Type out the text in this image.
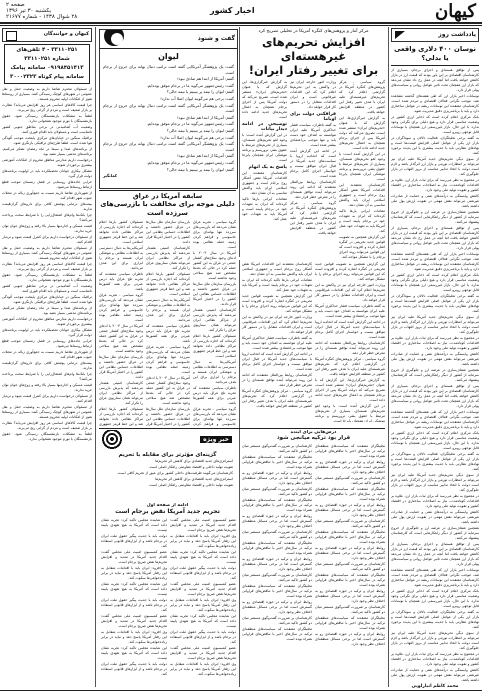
کیهان
اخبار کشور
صفحه ۲
یکشنبه ۳۰ تیر ۱۳۹۶
۲۸ شوال ۱۴۳۸ - شماره ۲۱۶۷۷
یادداشت روز
نوسان ۴۰۰ دلاری واقعی یا بدلی؟

پس از توافق هسته‌ای و اجرای برجام، بسیاری از کارشناسان اقتصادی بر این باور بودند که قیمت ارز در بازار کاهش خواهد یافت اما آنچه در عمل رخ داد نشان می‌دهد که بازار ارز همچنان تحت تاثیر عوامل روانی و سیاست‌های پولی قرار دارد.

نوسانات اخیر بازار ارز که طی هفته‌های گذشته مشاهده شد، موجب نگرانی فعالان اقتصادی و مردم شده است. کارشناسان معتقدند این نوسانات ریشه در عوامل ساختاری دارد و باید با برنامه‌ریزی دقیق مدیریت شود.

بانک مرکزی اعلام کرده است که ذخایر ارزی کشور در وضعیت مناسبی قرار دارد و هیچ دلیلی برای نگرانی وجود ندارد. با این حال، بازار غیررسمی ارز همچنان با نوسانات قابل توجهی روبرو است.

به گفته برخی تحلیلگران، فعالیت دلالان و سوداگران در بازار ارز یکی از عوامل اصلی افزایش قیمت‌ها است و نهادهای نظارتی باید با جدیت بیشتری با این پدیده برخورد کنند.

از سوی دیگر، تحریم‌های جدید آمریکا علیه ایران نیز می‌تواند بر انتظارات تورمی و بازار ارز اثرگذار باشد و لازم است دولت با اتخاذ تدابیر مناسب از بروز التهاب در بازار جلوگیری کند.

در مجموع به نظر می‌رسد که برای ثبات بازار ارز، علاوه بر اقدامات کوتاه‌مدت، نیاز به اصلاحات ساختاری در اقتصاد کشور و تقویت تولید ملی وجود دارد.

کاهش وابستگی به درآمدهای نفتی و حمایت از صادرات غیرنفتی می‌تواند نقش مهمی در تقویت ارزش پول ملی داشته باشد.

همچنین شفاف‌سازی در عرضه ارز و جلوگیری از خروج سرمایه از کشور از دیگر راهکارهایی است که کارشناسان پیشنهاد می‌کنند.

پس از توافق هسته‌ای و اجرای برجام، بسیاری از کارشناسان اقتصادی بر این باور بودند که قیمت ارز در بازار کاهش خواهد یافت اما آنچه در عمل رخ داد نشان می‌دهد که بازار ارز همچنان تحت تاثیر عوامل روانی و سیاست‌های پولی قرار دارد.

نوسانات اخیر بازار ارز که طی هفته‌های گذشته مشاهده شد، موجب نگرانی فعالان اقتصادی و مردم شده است. کارشناسان معتقدند این نوسانات ریشه در عوامل ساختاری دارد و باید با برنامه‌ریزی دقیق مدیریت شود.

بانک مرکزی اعلام کرده است که ذخایر ارزی کشور در وضعیت مناسبی قرار دارد و هیچ دلیلی برای نگرانی وجود ندارد. با این حال، بازار غیررسمی ارز همچنان با نوسانات قابل توجهی روبرو است.

به گفته برخی تحلیلگران، فعالیت دلالان و سوداگران در بازار ارز یکی از عوامل اصلی افزایش قیمت‌ها است و نهادهای نظارتی باید با جدیت بیشتری با این پدیده برخورد کنند.

از سوی دیگر، تحریم‌های جدید آمریکا علیه ایران نیز می‌تواند بر انتظارات تورمی و بازار ارز اثرگذار باشد و لازم است دولت با اتخاذ تدابیر مناسب از بروز التهاب در بازار جلوگیری کند.

در مجموع به نظر می‌رسد که برای ثبات بازار ارز، علاوه بر اقدامات کوتاه‌مدت، نیاز به اصلاحات ساختاری در اقتصاد کشور و تقویت تولید ملی وجود دارد.

کاهش وابستگی به درآمدهای نفتی و حمایت از صادرات غیرنفتی می‌تواند نقش مهمی در تقویت ارزش پول ملی داشته باشد.

همچنین شفاف‌سازی در عرضه ارز و جلوگیری از خروج سرمایه از کشور از دیگر راهکارهایی است که کارشناسان پیشنهاد می‌کنند.

پس از توافق هسته‌ای و اجرای برجام، بسیاری از کارشناسان اقتصادی بر این باور بودند که قیمت ارز در بازار کاهش خواهد یافت اما آنچه در عمل رخ داد نشان می‌دهد که بازار ارز همچنان تحت تاثیر عوامل روانی و سیاست‌های پولی قرار دارد.

نوسانات اخیر بازار ارز که طی هفته‌های گذشته مشاهده شد، موجب نگرانی فعالان اقتصادی و مردم شده است. کارشناسان معتقدند این نوسانات ریشه در عوامل ساختاری دارد و باید با برنامه‌ریزی دقیق مدیریت شود.

بانک مرکزی اعلام کرده است که ذخایر ارزی کشور در وضعیت مناسبی قرار دارد و هیچ دلیلی برای نگرانی وجود ندارد. با این حال، بازار غیررسمی ارز همچنان با نوسانات قابل توجهی روبرو است.

به گفته برخی تحلیلگران، فعالیت دلالان و سوداگران در بازار ارز یکی از عوامل اصلی افزایش قیمت‌ها است و نهادهای نظارتی باید با جدیت بیشتری با این پدیده برخورد کنند.

از سوی دیگر، تحریم‌های جدید آمریکا علیه ایران نیز می‌تواند بر انتظارات تورمی و بازار ارز اثرگذار باشد و لازم است دولت با اتخاذ تدابیر مناسب از بروز التهاب در بازار جلوگیری کند.

در مجموع به نظر می‌رسد که برای ثبات بازار ارز، علاوه بر اقدامات کوتاه‌مدت، نیاز به اصلاحات ساختاری در اقتصاد کشور و تقویت تولید ملی وجود دارد.

کاهش وابستگی به درآمدهای نفتی و حمایت از صادرات غیرنفتی می‌تواند نقش مهمی در تقویت ارزش پول ملی داشته باشد.

همچنین شفاف‌سازی در عرضه ارز و جلوگیری از خروج سرمایه از کشور از دیگر راهکارهایی است که کارشناسان پیشنهاد می‌کنند.

پس از توافق هسته‌ای و اجرای برجام، بسیاری از کارشناسان اقتصادی بر این باور بودند که قیمت ارز در بازار کاهش خواهد یافت اما آنچه در عمل رخ داد نشان می‌دهد که بازار ارز همچنان تحت تاثیر عوامل روانی و سیاست‌های پولی قرار دارد.

نوسانات اخیر بازار ارز که طی هفته‌های گذشته مشاهده شد، موجب نگرانی فعالان اقتصادی و مردم شده است. کارشناسان معتقدند این نوسانات ریشه در عوامل ساختاری دارد و باید با برنامه‌ریزی دقیق مدیریت شود.

بانک مرکزی اعلام کرده است که ذخایر ارزی کشور در وضعیت مناسبی قرار دارد و هیچ دلیلی برای نگرانی وجود ندارد. با این حال، بازار غیررسمی ارز همچنان با نوسانات قابل توجهی روبرو است.

به گفته برخی تحلیلگران، فعالیت دلالان و سوداگران در بازار ارز یکی از عوامل اصلی افزایش قیمت‌ها است و نهادهای نظارتی باید با جدیت بیشتری با این پدیده برخورد کنند.

از سوی دیگر، تحریم‌های جدید آمریکا علیه ایران نیز می‌تواند بر انتظارات تورمی و بازار ارز اثرگذار باشد و لازم است دولت با اتخاذ تدابیر مناسب از بروز التهاب در بازار جلوگیری کند.

در مجموع به نظر می‌رسد که برای ثبات بازار ارز، علاوه بر اقدامات کوتاه‌مدت، نیاز به اصلاحات ساختاری در اقتصاد کشور و تقویت تولید ملی وجود دارد.

کاهش وابستگی به درآمدهای نفتی و حمایت از صادرات غیرنفتی می‌تواند نقش مهمی در تقویت ارزش پول ملی داشته باشد.

محمد کاظم انبارلویی
مرکز آمار و پژوهش‌های کنگره آمریکا در تحلیلی تصریح کرد
افزایش تحریم‌های غیرهسته‌ای
برای تغییر رفتار ایران!

گروه سیاسی - مرکز پژوهش‌های کنگره آمریکا در گزارشی اعلام کرد که تحریم‌های غیرهسته‌ای علیه ایران با هدف تغییر رفتار این کشور در منطقه افزایش خواهد یافت.

به گزارش خبرگزاری‌ها، این گزارش که با عنوان «تحریم‌های ایران» منتشر شده است، تصریح می‌کند که دولت آمریکا پس از اجرای برجام همچنان به اعمال تحریم‌های جدید ادامه داده است.

در این گزارش آمده است: با وجود لغو تحریم‌های هسته‌ای، بسیاری از تحریم‌های مرتبط با حقوق بشر، تروریسم و برنامه موشکی ایران همچنان پابرجا است.

کارشناسان معتقدند این اقدامات آمریکا نقض آشکار روح برجام است و جمهوری اسلامی ایران باید واکنش مناسبی به آن نشان دهد.

مقامات ایرانی بارها تاکید کرده‌اند که ایران به تعهدات خود در برجام پایبند است و آمریکا باید به تعهدات خود عمل کند.

این گزارش همچنین به تصویب قوانین جدید تحریمی در کنگره اشاره کرده و افزوده است که این قوانین می‌تواند روند اجرای برجام را با مشکل مواجه کند.

وزارت امور خارجه ایران نیز در واکنش به این تحریم‌ها اعلام کرد که این اقدامات غیرقانونی است و ایران اقدامات متقابل را در دستور کار قرار خواهد داد.

فرافکنی دولت برای اوباما

به گفته ناظران، سیاست فشار حداکثری آمریکا علیه ایران نتوانسته به اهداف خود دست یابد و تنها موجب بی‌اعتمادی بیشتر شده است.

در ادامه این گزارش آمده است که اتحادیه اروپا با سیاست‌های جدید آمریکا در قبال ایران موافق نیست و خواستار اجرای کامل برجام شده است.

کارشناسان روابط بین‌الملل معتقدند که ادامه این روند می‌تواند آینده توافق هسته‌ای را در معرض خطر قرار دهد.

گروه سیاسی - مرکز پژوهش‌های کنگره آمریکا در گزارشی اعلام کرد که تحریم‌های غیرهسته‌ای علیه ایران با هدف تغییر رفتار این کشور در منطقه افزایش خواهد یافت.

به گزارش خبرگزاری‌ها، این گزارش که با عنوان «تحریم‌های ایران» منتشر شده است، تصریح می‌کند که دولت آمریکا پس از اجرای برجام همچنان به اعمال تحریم‌های جدید ادامه داده است.

توضیحی در ادامه دیدار بیانات

در این گزارش آمده است: با وجود لغو تحریم‌های هسته‌ای، بسیاری از تحریم‌های مرتبط با حقوق بشر، تروریسم و برنامه موشکی ایران همچنان پابرجا است.

پاسخ به یک اتهام

کارشناسان معتقدند این اقدامات آمریکا نقض آشکار روح برجام است و جمهوری اسلامی ایران باید واکنش مناسبی به آن نشان دهد.

مقامات ایرانی بارها تاکید کرده‌اند که ایران به تعهدات خود در برجام پایبند است و آمریکا باید به تعهدات خود عمل کند.

گفت و شنود
لیوان

گفت: یک پژوهشگر آمریکایی گفته است ترامپ دنبال بهانه برای خروج از برجام است.

گفتم: آمریکا از ابتدا هم صادق نبود!

گفت: رئیس‌جمهور می‌گوید ما در برجام موفق بوده‌ایم.

گفتم: لیوان را نیمه پر ببینیم یا نیمه خالی؟

گفت: برخی هم می‌گویند لیوان اصلا آب ندارد!

گفت: یک پژوهشگر آمریکایی گفته است ترامپ دنبال بهانه برای خروج از برجام است.

گفتم: آمریکا از ابتدا هم صادق نبود!

گفت: رئیس‌جمهور می‌گوید ما در برجام موفق بوده‌ایم.

گفتم: لیوان را نیمه پر ببینیم یا نیمه خالی؟

گفت: برخی هم می‌گویند لیوان اصلا آب ندارد!

گفت: یک پژوهشگر آمریکایی گفته است ترامپ دنبال بهانه برای خروج از برجام است.

گفتم: آمریکا از ابتدا هم صادق نبود!

گفت: رئیس‌جمهور می‌گوید ما در برجام موفق بوده‌ایم.

گفتم: لیوان را نیمه پر ببینیم یا نیمه خالی؟

کمانگیر
سابقه آمریکا در عراق
دلیلی موجه برای مخالفت با بازرسی‌های سرزده است

گروه سیاسی - تجربه عراق نشان می‌دهد که بازرسی‌های سرزده تنها بهانه‌ای برای جاسوسی و فراهم کردن زمینه حمله نظامی بوده است.

آمریکا در سال ۲۰۰۳ با ادعای وجود سلاح‌های کشتار جمعی در عراق به این کشور حمله کرد در حالی که بعدها مشخص شد هیچ سلاحی وجود نداشته است.

بازرسان سازمان ملل سال‌ها در عراق حضور داشتند و اطلاعات حساس نظامی این کشور را در اختیار آمریکا قرار دادند.

کارشناسان امنیتی هشدار می‌دهند که پذیرش بازرسی از مراکز نظامی ایران می‌تواند همان سناریوی عراق را تکرار کند.

مسئولان کشور بارها اعلام کرده‌اند که اجازه بازرسی از مراکز نظامی داده نخواهد شد و این خط قرمز جمهوری اسلامی است.

آمریکایی‌ها به دنبال دسترسی به اطلاعات نظامی و موشکی ایران هستند و برجام را ابزاری برای این هدف می‌دانند.

ناظران سیاسی معتقدند که تجربه تلخ عراق باید درس عبرتی برای همه کشورها باشد.

گروه سیاسی - تجربه عراق نشان می‌دهد که بازرسی‌های سرزده تنها بهانه‌ای برای جاسوسی و فراهم کردن

بازرسان سازمان ملل سال‌ها در عراق حضور داشتند و اطلاعات حساس نظامی این کشور را در اختیار آمریکا قرار دادند.

کارشناسان امنیتی هشدار می‌دهند که پذیرش بازرسی از مراکز نظامی ایران می‌تواند همان سناریوی عراق را تکرار کند.

مسئولان کشور بارها اعلام کرده‌اند که اجازه بازرسی از مراکز نظامی داده نخواهد شد و این خط قرمز جمهوری اسلامی است.

آمریکایی‌ها به دنبال دسترسی به اطلاعات نظامی و موشکی ایران هستند و برجام را ابزاری برای این هدف می‌دانند.

ناظران سیاسی معتقدند که تجربه تلخ عراق باید درس عبرتی برای همه کشورها باشد.

گروه سیاسی - تجربه عراق نشان می‌دهد که بازرسی‌های سرزده تنها بهانه‌ای برای جاسوسی و فراهم کردن زمینه حمله نظامی بوده است.

آمریکا در سال ۲۰۰۳ با ادعای وجود سلاح‌های کشتار جمعی در عراق به این کشور حمله کرد در حالی که بعدها مشخص شد هیچ سلاحی وجود نداشته است.

بازرسان سازمان ملل سال‌ها در عراق حضور داشتند و اطلاعات حساس نظامی این کشور را در اختیار آمریکا قرار

مسئولان کشور بارها اعلام کرده‌اند که اجازه بازرسی از مراکز نظامی داده نخواهد شد و این خط قرمز جمهوری اسلامی است.

آمریکایی‌ها به دنبال دسترسی به اطلاعات نظامی و موشکی ایران هستند و برجام را ابزاری برای این هدف می‌دانند.

ناظران سیاسی معتقدند که تجربه تلخ عراق باید درس عبرتی برای همه کشورها باشد.

گروه سیاسی - تجربه عراق نشان می‌دهد که بازرسی‌های سرزده تنها بهانه‌ای برای جاسوسی و فراهم کردن زمینه حمله نظامی بوده است.

آمریکا در سال ۲۰۰۳ با ادعای وجود سلاح‌های کشتار جمعی در عراق به این کشور حمله کرد در حالی که بعدها مشخص شد هیچ سلاحی وجود نداشته است.

بازرسان سازمان ملل سال‌ها در عراق حضور داشتند و اطلاعات حساس نظامی این کشور را در اختیار آمریکا قرار دادند.

کارشناسان امنیتی هشدار می‌دهند که پذیرش بازرسی از مراکز نظامی ایران می‌تواند همان سناریوی عراق را تکرار کند.

مسئولان کشور بارها اعلام کرده‌اند که اجازه بازرسی از مراکز نظامی داده نخواهد شد و این خط قرمز جمهوری

این گزارش همچنین به تصویب قوانین جدید تحریمی در کنگره اشاره کرده و افزوده است که این قوانین می‌تواند روند اجرای برجام را با مشکل مواجه کند.

وزارت امور خارجه ایران نیز در واکنش به این تحریم‌ها اعلام کرد که این اقدامات غیرقانونی است و ایران اقدامات متقابل را در دستور کار قرار خواهد داد.

به گفته ناظران، سیاست فشار حداکثری آمریکا علیه ایران نتوانسته به اهداف خود دست یابد و تنها موجب بی‌اعتمادی بیشتر شده است.

در ادامه این گزارش آمده است که اتحادیه اروپا با سیاست‌های جدید آمریکا در قبال ایران موافق نیست و خواستار اجرای کامل برجام شده است.

کارشناسان روابط بین‌الملل معتقدند که ادامه این روند می‌تواند آینده توافق هسته‌ای را در معرض خطر قرار دهد.

گروه سیاسی - مرکز پژوهش‌های کنگره آمریکا در گزارشی اعلام کرد که تحریم‌های غیرهسته‌ای علیه ایران با هدف تغییر رفتار این کشور در منطقه افزایش خواهد یافت.

به گزارش خبرگزاری‌ها، این گزارش که با عنوان «تحریم‌های ایران» منتشر شده است، تصریح می‌کند که دولت آمریکا پس از اجرای برجام همچنان به اعمال تحریم‌های جدید ادامه داده است.

در این گزارش آمده است: با وجود لغو تحریم‌های هسته‌ای، بسیاری از تحریم‌های مرتبط با حقوق بشر، تروریسم و برنامه موشکی ایران همچنان پابرجا است.

کارشناسان معتقدند این اقدامات آمریکا نقض آشکار روح برجام است و جمهوری اسلامی ایران باید واکنش مناسبی به آن نشان دهد.

مقامات ایرانی بارها تاکید کرده‌اند که ایران به تعهدات خود در برجام پایبند است و آمریکا باید به تعهدات خود عمل کند.

این گزارش همچنین به تصویب قوانین جدید تحریمی در کنگره اشاره کرده و افزوده است که این قوانین می‌تواند روند اجرای برجام را با مشکل مواجه کند.

وزارت امور خارجه ایران نیز در واکنش به این تحریم‌ها اعلام کرد که این اقدامات غیرقانونی است و ایران اقدامات متقابل را در دستور کار قرار خواهد داد.

به گفته ناظران، سیاست فشار حداکثری آمریکا علیه ایران نتوانسته به اهداف خود دست یابد و تنها موجب بی‌اعتمادی بیشتر شده است.

در ادامه این گزارش آمده است که اتحادیه اروپا با سیاست‌های جدید آمریکا در قبال ایران موافق نیست و خواستار اجرای کامل برجام شده است.

کارشناسان روابط بین‌الملل معتقدند که ادامه این روند می‌تواند آینده توافق هسته‌ای را در معرض خطر قرار دهد.

گروه سیاسی - مرکز پژوهش‌های کنگره آمریکا در گزارشی اعلام کرد که تحریم‌های غیرهسته‌ای علیه ایران با هدف تغییر رفتار این کشور در منطقه افزایش خواهد یافت.

خبر ویژه
گزینه‌ای مؤثرتر برای مقابله با تحریم

استراتژی‌های جدید اقتصادی برای کاهش اثر تحریم‌ها

تقویت تولید داخلی و اقتصاد مقاومتی راهکار اصلی است.

کارشناسان می‌گویند ظرفیت‌های داخلی کشور برای عبور از تحریم کافی است.

استراتژی‌های جدید اقتصادی برای کاهش اثر تحریم‌ها

تقویت تولید داخلی و اقتصاد مقاومتی راهکار اصلی است.

ادامه از صفحه اول
تحریم جدید آمریکا نقض برجام است

عضو کمیسیون امنیت ملی مجلس گفت: اقدام جدید آمریکا در تمدید و افزایش تحریم‌ها نقض صریح برجام است.

وی افزود: ایران باید با اقدامات متقابل به این رفتار آمریکا پاسخ دهد و نباید در برابر زیاده‌خواهی‌ها سکوت کند.

این نماینده مجلس تاکید کرد: تجربه نشان داده است که آمریکا به هیچ تعهدی پایبند نیست.

دولت باید با جدیت پیگیر حقوق ملت ایران در برجام باشد و از ابزارهای قانونی استفاده کند.

عضو کمیسیون امنیت ملی مجلس گفت: اقدام جدید آمریکا در تمدید و افزایش تحریم‌ها نقض صریح برجام است.

وی افزود: ایران باید با اقدامات متقابل به این رفتار آمریکا پاسخ دهد و نباید در برابر زیاده‌خواهی‌ها سکوت کند.

این نماینده مجلس تاکید کرد: تجربه نشان داده است که آمریکا به هیچ تعهدی پایبند نیست.

دولت باید با جدیت پیگیر حقوق ملت ایران در برجام باشد و از ابزارهای قانونی استفاده کند.

عضو کمیسیون امنیت ملی مجلس گفت: اقدام جدید آمریکا در تمدید و افزایش تحریم‌ها نقض صریح برجام است.

وی افزود: ایران باید با اقدامات متقابل به این رفتار آمریکا پاسخ دهد و نباید در برابر زیاده‌خواهی‌ها سکوت کند.

این نماینده مجلس تاکید کرد: تجربه نشان داده است که آمریکا به هیچ تعهدی پایبند نیست.

دولت باید با جدیت پیگیر حقوق ملت ایران در برجام باشد و از ابزارهای قانونی استفاده کند.

عضو کمیسیون امنیت ملی مجلس گفت: اقدام جدید آمریکا در تمدید و افزایش تحریم‌ها نقض صریح برجام است.

وی افزود: ایران باید با اقدامات متقابل به این رفتار آمریکا پاسخ دهد و نباید در برابر زیاده‌خواهی‌ها سکوت کند.

این نماینده مجلس تاکید کرد: تجربه نشان داده است که آمریکا به هیچ تعهدی پایبند نیست.

دولت باید با جدیت پیگیر حقوق ملت ایران در برجام باشد و از ابزارهای قانونی استفاده کند.

عضو کمیسیون امنیت ملی مجلس گفت: اقدام جدید آمریکا در تمدید و افزایش تحریم‌ها نقض صریح برجام است.

وی افزود: ایران باید با اقدامات متقابل به این رفتار آمریکا پاسخ دهد و نباید در برابر زیاده‌خواهی‌ها سکوت کند.

این نماینده مجلس تاکید کرد: تجربه نشان داده است که آمریکا به هیچ تعهدی پایبند نیست.

دولت باید با جدیت پیگیر حقوق ملت ایران در برجام باشد و از ابزارهای قانونی استفاده کند.

درس‌هایی برای آینده
قرار بود ترکیه میانجی شود

تحلیلگران معتقدند که سیاست‌های منطقه‌ای ترکیه در سال‌های اخیر با تناقض‌های فراوانی همراه بوده است.

روابط ایران و ترکیه در حوزه اقتصادی رو به گسترش است اما در برخی مسائل منطقه‌ای اختلاف نظر وجود دارد.

کارشناسان بر ضرورت گفت‌وگوی مستمر میان دو کشور تاکید می‌کنند.

تحلیلگران معتقدند که سیاست‌های منطقه‌ای ترکیه در سال‌های اخیر با تناقض‌های فراوانی همراه بوده است.

روابط ایران و ترکیه در حوزه اقتصادی رو به گسترش است اما در برخی مسائل منطقه‌ای اختلاف نظر وجود دارد.

کارشناسان بر ضرورت گفت‌وگوی مستمر میان دو کشور تاکید می‌کنند.

تحلیلگران معتقدند که سیاست‌های منطقه‌ای ترکیه در سال‌های اخیر با تناقض‌های فراوانی همراه بوده است.

روابط ایران و ترکیه در حوزه اقتصادی رو به گسترش است اما در برخی مسائل منطقه‌ای اختلاف نظر وجود دارد.

کارشناسان بر ضرورت گفت‌وگوی مستمر میان دو کشور تاکید می‌کنند.

تحلیلگران معتقدند که سیاست‌های منطقه‌ای ترکیه در سال‌های اخیر با تناقض‌های فراوانی همراه بوده است.

روابط ایران و ترکیه در حوزه اقتصادی رو به گسترش است اما در برخی مسائل منطقه‌ای اختلاف نظر وجود دارد.

کارشناسان بر ضرورت گفت‌وگوی مستمر میان دو کشور تاکید می‌کنند.

تحلیلگران معتقدند که سیاست‌های منطقه‌ای ترکیه در سال‌های اخیر با تناقض‌های فراوانی همراه بوده است.

روابط ایران و ترکیه در حوزه اقتصادی رو به گسترش است اما در برخی مسائل منطقه‌ای اختلاف نظر وجود دارد.

کارشناسان بر ضرورت گفت‌وگوی مستمر میان دو کشور تاکید می‌کنند.

تحلیلگران معتقدند که سیاست‌های منطقه‌ای ترکیه در سال‌های اخیر با تناقض‌های فراوانی همراه بوده است.

روابط ایران و ترکیه در حوزه اقتصادی رو به گسترش است اما در برخی مسائل منطقه‌ای اختلاف نظر وجود دارد.

کارشناسان بر ضرورت گفت‌وگوی مستمر میان دو کشور تاکید می‌کنند.

تحلیلگران معتقدند که سیاست‌های منطقه‌ای ترکیه در سال‌های اخیر با تناقض‌های فراوانی همراه بوده است.

روابط ایران و ترکیه در حوزه اقتصادی رو به گسترش است اما در برخی مسائل منطقه‌ای اختلاف نظر وجود دارد.

کارشناسان بر ضرورت گفت‌وگوی مستمر میان دو کشور تاکید می‌کنند.

تحلیلگران معتقدند که سیاست‌های منطقه‌ای ترکیه در سال‌های اخیر با تناقض‌های فراوانی همراه بوده است.

روابط ایران و ترکیه در حوزه اقتصادی رو به گسترش است اما در برخی مسائل منطقه‌ای اختلاف نظر وجود دارد.

کارشناسان بر ضرورت گفت‌وگوی مستمر میان دو کشور تاکید می‌کنند.

تحلیلگران معتقدند که سیاست‌های منطقه‌ای ترکیه در سال‌های اخیر با تناقض‌های فراوانی همراه بوده است.

روابط ایران و ترکیه در حوزه اقتصادی رو به گسترش است اما در برخی مسائل منطقه‌ای اختلاف نظر وجود دارد.

کارشناسان بر ضرورت گفت‌وگوی مستمر میان دو کشور تاکید می‌کنند.

تحلیلگران معتقدند که سیاست‌های منطقه‌ای ترکیه در سال‌های اخیر با تناقض‌های فراوانی همراه بوده است.

کیهان و خوانندگان
۳۳۱۱۰۲۵۱ - ۴ تلفن‌های شماره ۳۳۱۱۰۲۵۱
۰۹۱۹۸۴۵۱۴۱۳ سامانه پیامک
سامانه پیام کوتاه ۳۰۰۰۲۳۲۳

از مسئولان محترم تقاضا داریم به وضعیت حمل و نقل عمومی در شهرهای کوچک رسیدگی کنند. بسیاری از روستاها هنوز از امکانات اولیه محروم هستند.

چرا قیمت کالاهای اساسی هر روز افزایش می‌یابد؟ نظارت بر بازار ضعیف است و مردم از گرانی رنج می‌برند.

لطفاً به مشکلات بازنشستگان رسیدگی شود. حقوق بازنشستگان با تورم موجود همخوانی ندارد.

وضعیت آب آشامیدنی در برخی مناطق جنوبی کشور نامناسب است و مسئولان باید اقدام فوری کنند.

ترافیک سنگین در خیابان‌های مرکزی پایتخت موجب آلودگی هوا شده است. لطفاً طرح‌های ترافیکی بازنگری شود.

از برنامه‌های صدا و سیما در ماه رمضان تشکر می‌کنیم. برنامه‌های مذهبی بسیار مفید بود.

درخواست داریم مدارس مناطق محروم از امکانات آموزشی بیشتری برخوردار شوند.

مشکل بیکاری جوانان تحصیلکرده باید در اولویت برنامه‌های دولت قرار گیرد.

خرابی جاده‌های روستایی در فصل زمستان موجب قطع ارتباط روستاها می‌شود.

از شهرداری تقاضا داریم نسبت به جمع‌آوری زباله در محلات جنوب شهر اقدام کند.

بیمه‌های درمانی پوشش کافی برای داروهای گران‌قیمت ندارند.

چرا بانک‌ها وام‌های اشتغال‌زایی را با شرایط سخت پرداخت می‌کنند؟

قیمت مسکن و اجاره‌بها بسیار بالا رفته و زوج‌های جوان توان خرید ندارند.

از مسئولان درخواست داریم برای کنترل قیمت میوه و تره‌بار اقدام کنند.

از مسئولان محترم تقاضا داریم به وضعیت حمل و نقل عمومی در شهرهای کوچک رسیدگی کنند. بسیاری از روستاها هنوز از امکانات اولیه محروم هستند.

چرا قیمت کالاهای اساسی هر روز افزایش می‌یابد؟ نظارت بر بازار ضعیف است و مردم از گرانی رنج می‌برند.

لطفاً به مشکلات بازنشستگان رسیدگی شود. حقوق بازنشستگان با تورم موجود همخوانی ندارد.

وضعیت آب آشامیدنی در برخی مناطق جنوبی کشور نامناسب است و مسئولان باید اقدام فوری کنند.

ترافیک سنگین در خیابان‌های مرکزی پایتخت موجب آلودگی هوا شده است. لطفاً طرح‌های ترافیکی بازنگری شود.

از برنامه‌های صدا و سیما در ماه رمضان تشکر می‌کنیم. برنامه‌های مذهبی بسیار مفید بود.

درخواست داریم مدارس مناطق محروم از امکانات آموزشی بیشتری برخوردار شوند.

مشکل بیکاری جوانان تحصیلکرده باید در اولویت برنامه‌های دولت قرار گیرد.

خرابی جاده‌های روستایی در فصل زمستان موجب قطع ارتباط روستاها می‌شود.

از شهرداری تقاضا داریم نسبت به جمع‌آوری زباله در محلات جنوب شهر اقدام کند.

بیمه‌های درمانی پوشش کافی برای داروهای گران‌قیمت ندارند.

چرا بانک‌ها وام‌های اشتغال‌زایی را با شرایط سخت پرداخت می‌کنند؟

قیمت مسکن و اجاره‌بها بسیار بالا رفته و زوج‌های جوان توان خرید ندارند.

از مسئولان درخواست داریم برای کنترل قیمت میوه و تره‌بار اقدام کنند.

از مسئولان محترم تقاضا داریم به وضعیت حمل و نقل عمومی در شهرهای کوچک رسیدگی کنند. بسیاری از روستاها هنوز از امکانات اولیه محروم هستند.

چرا قیمت کالاهای اساسی هر روز افزایش می‌یابد؟ نظارت بر بازار ضعیف است و مردم از گرانی رنج می‌برند.

لطفاً به مشکلات بازنشستگان رسیدگی شود. حقوق بازنشستگان با تورم موجود همخوانی ندارد.
